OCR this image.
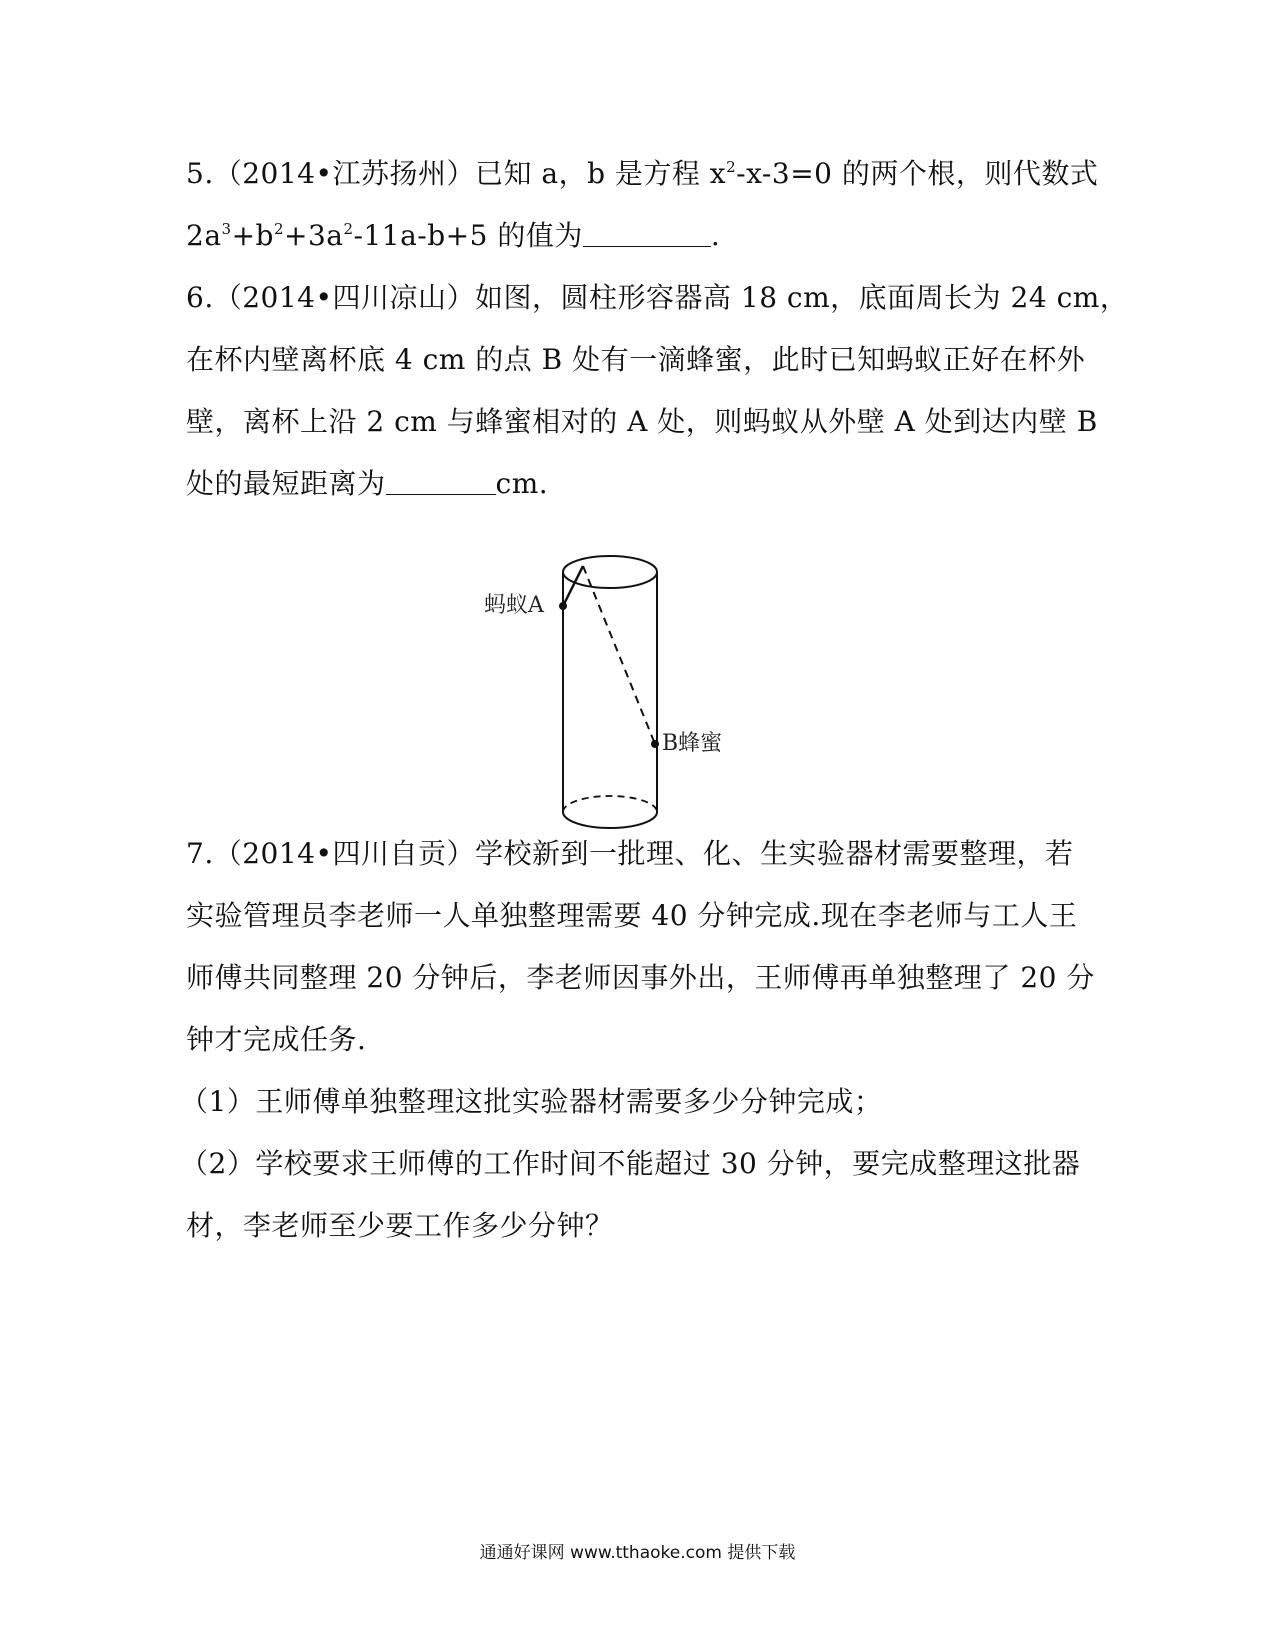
5.（2014•江苏扬州）已知 a，b 是方程 $x^2-x-3=0$ 的两个根，则代数式
$2a^3+b^2+3a^2-11a-b+5$ 的值为	.
6.（2014•四川凉山）如图，圆柱形容器高 18 cm，底面周长为 24 cm，
在杯内壁离杯底 4 cm 的点 B 处有一滴蜂蜜，此时已知蚂蚁正好在杯外
壁，离杯上沿 2 cm 与蜂蜜相对的 A 处，则蚂蚁从外壁 A 处到达内壁 B
处的最短距离为	cm.
蚂蚁A
B蜂蜜
7.（2014•四川自贡）学校新到一批理、化、生实验器材需要整理，若
实验管理员李老师一人单独整理需要 40 分钟完成.现在李老师与工人王
师傅共同整理 20 分钟后，李老师因事外出，王师傅再单独整理了 20 分
钟才完成任务.
（1）王师傅单独整理这批实验器材需要多少分钟完成；
（2）学校要求王师傅的工作时间不能超过 30 分钟，要完成整理这批器
材，李老师至少要工作多少分钟？
通通好课网 www.tthaoke.com 提供下载
